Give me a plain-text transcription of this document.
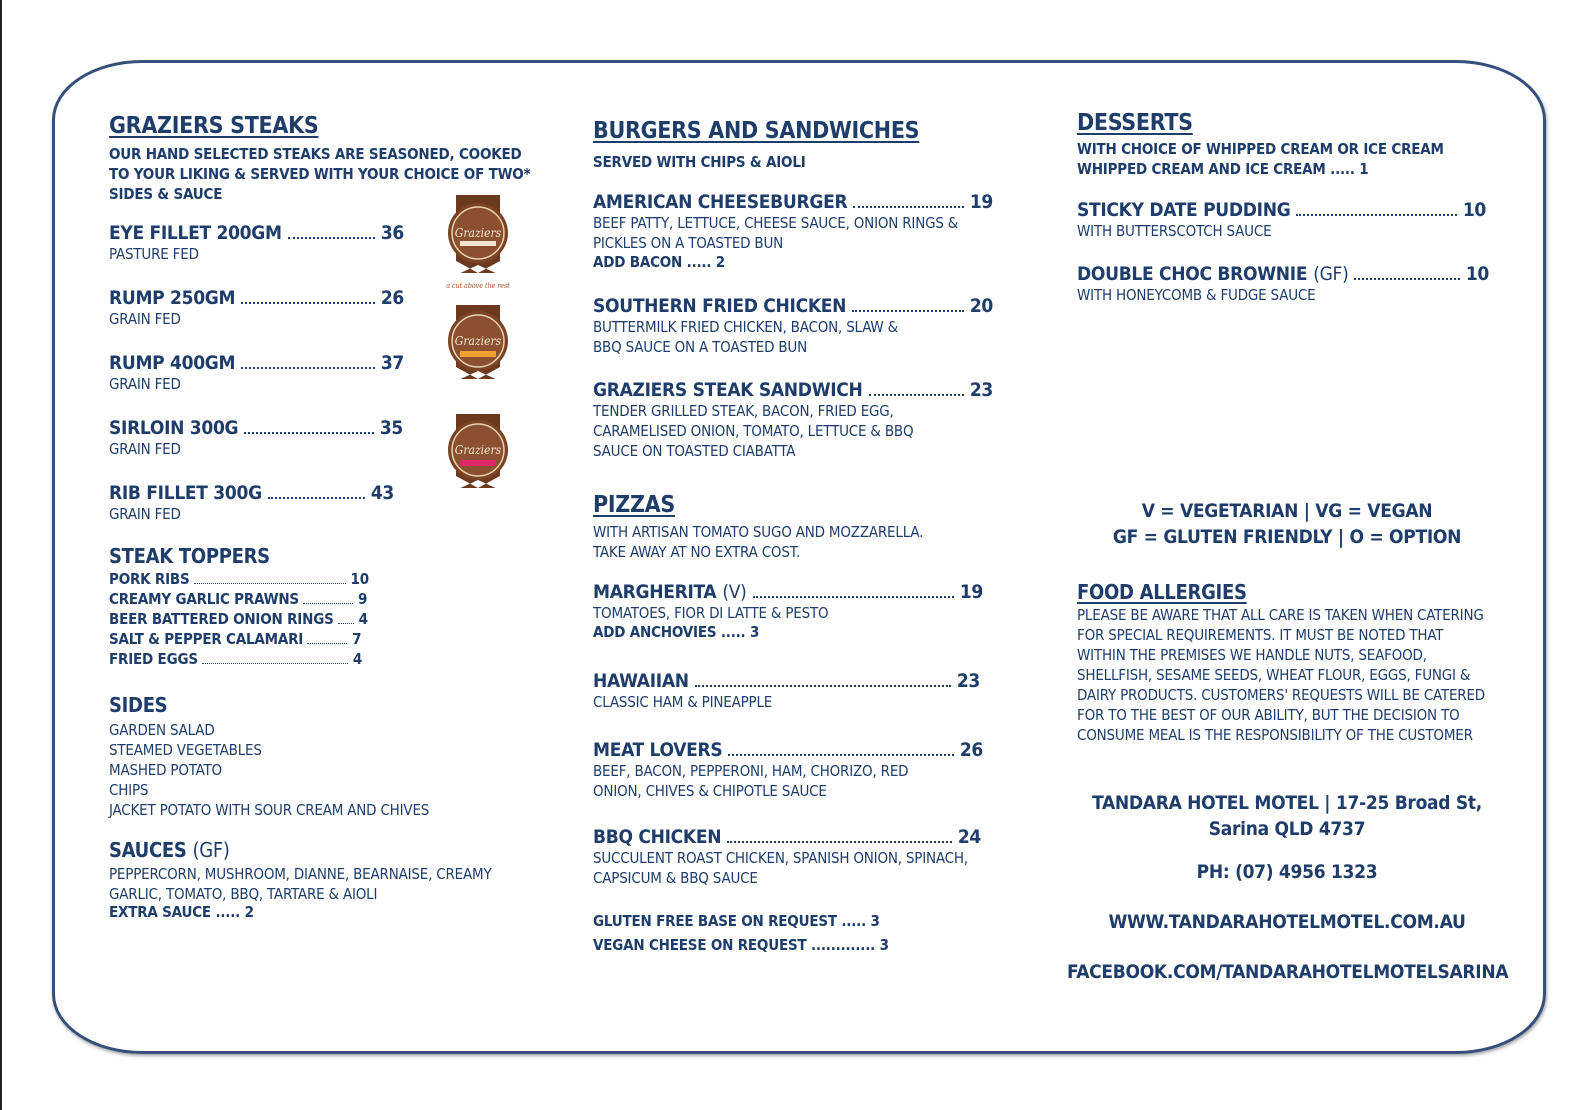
GRAZIERS STEAKS
OUR HAND SELECTED STEAKS ARE SEASONED, COOKED TO YOUR LIKING & SERVED WITH YOUR CHOICE OF TWO* SIDES & SAUCE
EYE FILLET 200GM	36
PASTURE FED
RUMP 250GM	26
GRAIN FED
RUMP 400GM	37
GRAIN FED
SIRLOIN 300G	35
GRAIN FED
RIB FILLET 300G	43
GRAIN FED
STEAK TOPPERS
PORK RIBS	10
CREAMY GARLIC PRAWNS	9
BEER BATTERED ONION RINGS 4
SALT & PEPPER CALAMARI	7
FRIED EGGS	4
SIDES
GARDEN SALAD
STEAMED VEGETABLES
MASHED POTATO
CHIPS
JACKET POTATO WITH SOUR CREAM AND CHIVES
SAUCES (GF)
PEPPERCORN, MUSHROOM, DIANNE, BEARNAISE, CREAMY GARLIC, TOMATO, BBQ, TARTARE & AIOLI
EXTRA SAUCE ..... 2
Graziers
a cut above the rest
Graziers
Graziers
BURGERS AND SANDWICHES
SERVED WITH CHIPS & AIOLI
AMERICAN CHEESEBURGER	19
BEEF PATTY, LETTUCE, CHEESE SAUCE, ONION RINGS & PICKLES ON A TOASTED BUN
ADD BACON ..... 2
SOUTHERN FRIED CHICKEN	20
BUTTERMILK FRIED CHICKEN, BACON, SLAW & BBQ SAUCE ON A TOASTED BUN
GRAZIERS STEAK SANDWICH	23
TENDER GRILLED STEAK, BACON, FRIED EGG, CARAMELISED ONION, TOMATO, LETTUCE & BBQ SAUCE ON TOASTED CIABATTA
PIZZAS
WITH ARTISAN TOMATO SUGO AND MOZZARELLA. TAKE AWAY AT NO EXTRA COST.
MARGHERITA (V)	19
TOMATOES, FIOR DI LATTE & PESTO
ADD ANCHOVIES ..... 3
HAWAIIAN	23
CLASSIC HAM & PINEAPPLE
MEAT LOVERS	26
BEEF, BACON, PEPPERONI, HAM, CHORIZO, RED ONION, CHIVES & CHIPOTLE SAUCE
BBQ CHICKEN	24
SUCCULENT ROAST CHICKEN, SPANISH ONION, SPINACH, CAPSICUM & BBQ SAUCE
GLUTEN FREE BASE ON REQUEST ..... 3
VEGAN CHEESE ON REQUEST ............. 3
DESSERTS
WITH CHOICE OF WHIPPED CREAM OR ICE CREAM
WHIPPED CREAM AND ICE CREAM ..... 1
STICKY DATE PUDDING	10
WITH BUTTERSCOTCH SAUCE
DOUBLE CHOC BROWNIE (GF)	10
WITH HONEYCOMB & FUDGE SAUCE
V = VEGETARIAN | VG = VEGAN
GF = GLUTEN FRIENDLY | O = OPTION
FOOD ALLERGIES
PLEASE BE AWARE THAT ALL CARE IS TAKEN WHEN CATERING FOR SPECIAL REQUIREMENTS. IT MUST BE NOTED THAT WITHIN THE PREMISES WE HANDLE NUTS, SEAFOOD, SHELLFISH, SESAME SEEDS, WHEAT FLOUR, EGGS, FUNGI & DAIRY PRODUCTS. CUSTOMERS' REQUESTS WILL BE CATERED FOR TO THE BEST OF OUR ABILITY, BUT THE DECISION TO CONSUME MEAL IS THE RESPONSIBILITY OF THE CUSTOMER
TANDARA HOTEL MOTEL | 17-25 Broad St,
Sarina QLD 4737
PH: (07) 4956 1323
WWW.TANDARAHOTELMOTEL.COM.AU
FACEBOOK.COM/TANDARAHOTELMOTELSARINA
